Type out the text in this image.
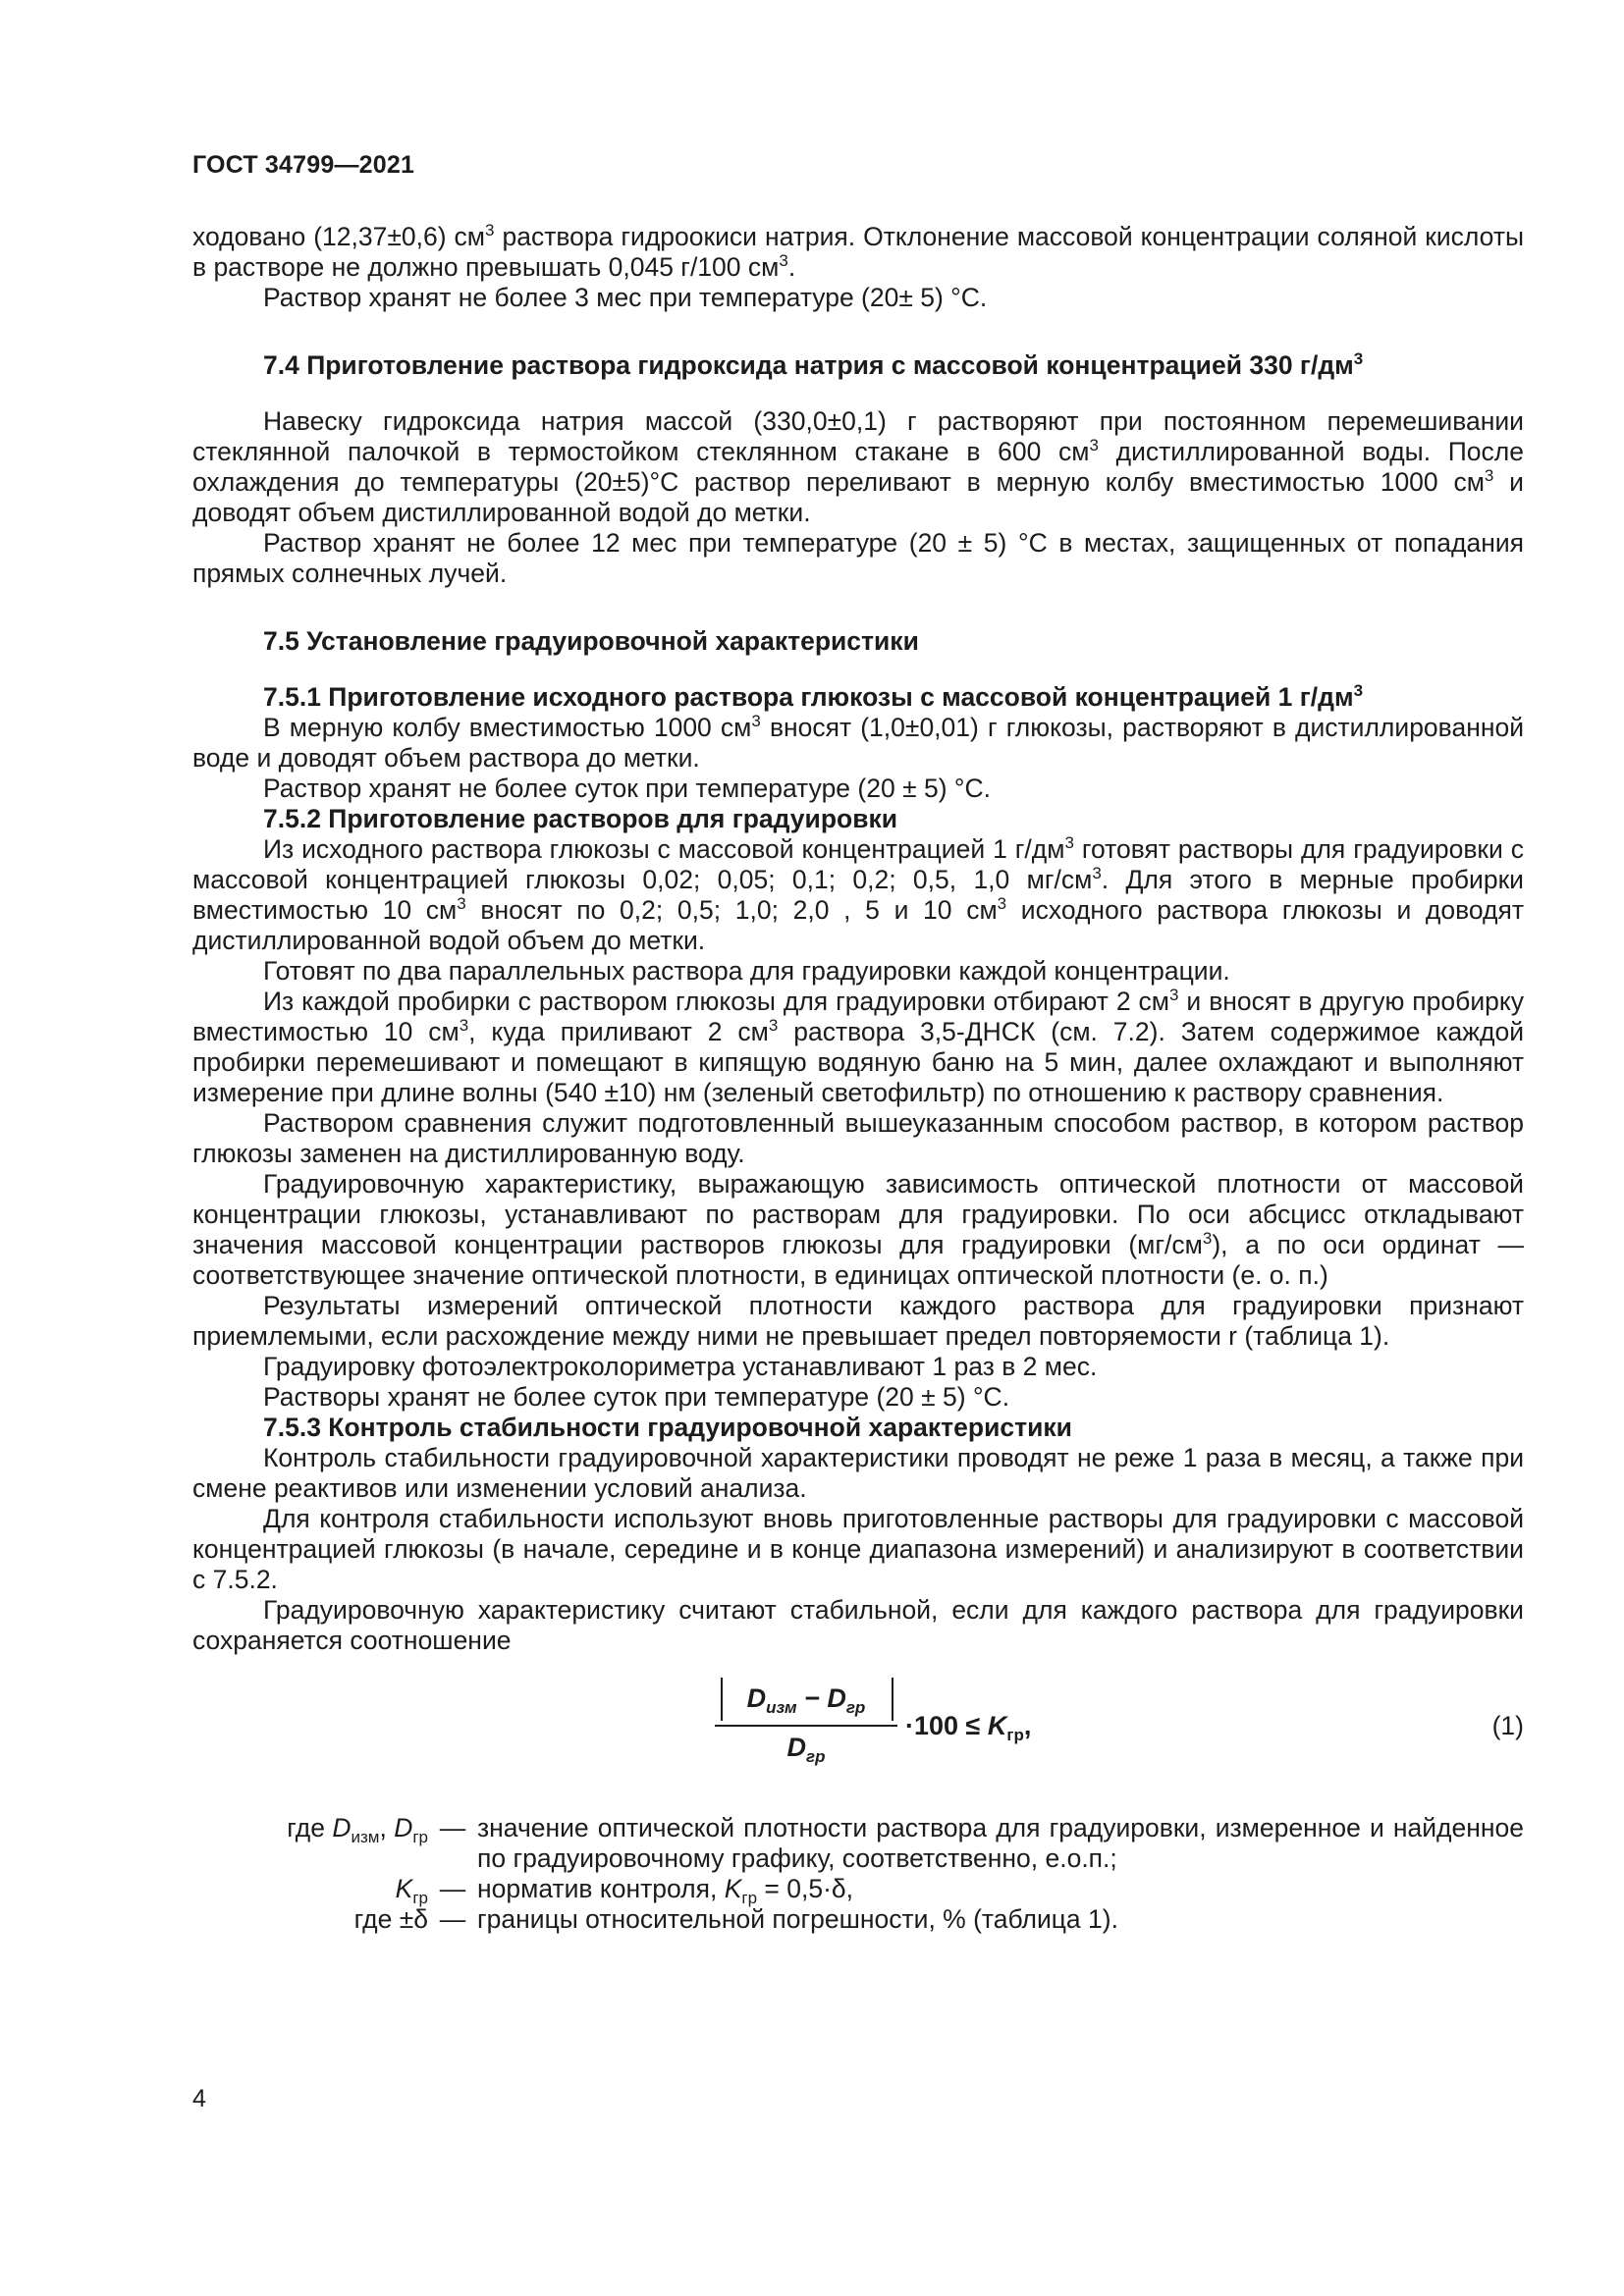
ГОСТ 34799—2021

ходовано (12,37±0,6) $см^3$ раствора гидроокиси натрия. Отклонение массовой концентрации соляной кислоты в растворе не должно превышать 0,045 г/100 $см^3$.

Раствор хранят не более 3 мес при температуре (20± 5) °С.

7.4 Приготовление раствора гидроксида натрия с массовой концентрацией 330 $г/дм^3$

Навеску гидроксида натрия массой (330,0±0,1) г растворяют при постоянном перемешивании стеклянной палочкой в термостойком стеклянном стакане в 600 $см^3$ дистиллированной воды. После охлаждения до температуры (20±5)°С раствор переливают в мерную колбу вместимостью 1000 $см^3$ и доводят объем дистиллированной водой до метки.

Раствор хранят не более 12 мес при температуре (20 ± 5) °С в местах, защищенных от попадания прямых солнечных лучей.

7.5 Установление градуировочной характеристики

7.5.1 Приготовление исходного раствора глюкозы с массовой концентрацией 1 $г/дм^3$

В мерную колбу вместимостью 1000 $см^3$ вносят (1,0±0,01) г глюкозы, растворяют в дистиллированной воде и доводят объем раствора до метки.

Раствор хранят не более суток при температуре (20 ± 5) °С.

7.5.2 Приготовление растворов для градуировки

Из исходного раствора глюкозы с массовой концентрацией 1 $г/дм^3$ готовят растворы для градуировки с массовой концентрацией глюкозы 0,02; 0,05; 0,1; 0,2; 0,5, 1,0 $мг/см^3$. Для этого в мерные пробирки вместимостью 10 $см^3$ вносят по 0,2; 0,5; 1,0; 2,0 , 5 и 10 $см^3$ исходного раствора глюкозы и доводят дистиллированной водой объем до метки.

Готовят по два параллельных раствора для градуировки каждой концентрации.

Из каждой пробирки с раствором глюкозы для градуировки отбирают 2 $см^3$ и вносят в другую пробирку вместимостью 10 $см^3$, куда приливают 2 $см^3$ раствора 3,5-ДНСК (см. 7.2). Затем содержимое каждой пробирки перемешивают и помещают в кипящую водяную баню на 5 мин, далее охлаждают и выполняют измерение при длине волны (540 ±10) нм (зеленый светофильтр) по отношению к раствору сравнения.

Раствором сравнения служит подготовленный вышеуказанным способом раствор, в котором раствор глюкозы заменен на дистиллированную воду.

Градуировочную характеристику, выражающую зависимость оптической плотности от массовой концентрации глюкозы, устанавливают по растворам для градуировки. По оси абсцисс откладывают значения массовой концентрации растворов глюкозы для градуировки $(мг/см^3)$, а по оси ординат — соответствующее значение оптической плотности, в единицах оптической плотности (е. о. п.)

Результаты измерений оптической плотности каждого раствора для градуировки признают приемлемыми, если расхождение между ними не превышает предел повторяемости r (таблица 1).

Градуировку фотоэлектроколориметра устанавливают 1 раз в 2 мес.

Растворы хранят не более суток при температуре (20 ± 5) °С.

7.5.3 Контроль стабильности градуировочной характеристики

Контроль стабильности градуировочной характеристики проводят не реже 1 раза в месяц, а также при смене реактивов или изменении условий анализа.

Для контроля стабильности используют вновь приготовленные растворы для градуировки с массовой концентрацией глюкозы (в начале, середине и в конце диапазона измерений) и анализируют в соответствии с 7.5.2.

Градуировочную характеристику считают стабильной, если для каждого раствора для градуировки сохраняется соотношение

$D_{изм} - D_{гр}$
$D_{гр}$
$\cdot 100 \le K_{гр}$,	(1)
где $D_{изм}$, $D_{гр}$ — значение оптической плотности раствора для градуировки, измеренное и найденное по градуировочному графику, соответственно, е.о.п.;
$K_{гр}$ — норматив контроля, $K_{гр} = 0,5\cdot\delta$,
где ±δ — границы относительной погрешности, % (таблица 1).
4
